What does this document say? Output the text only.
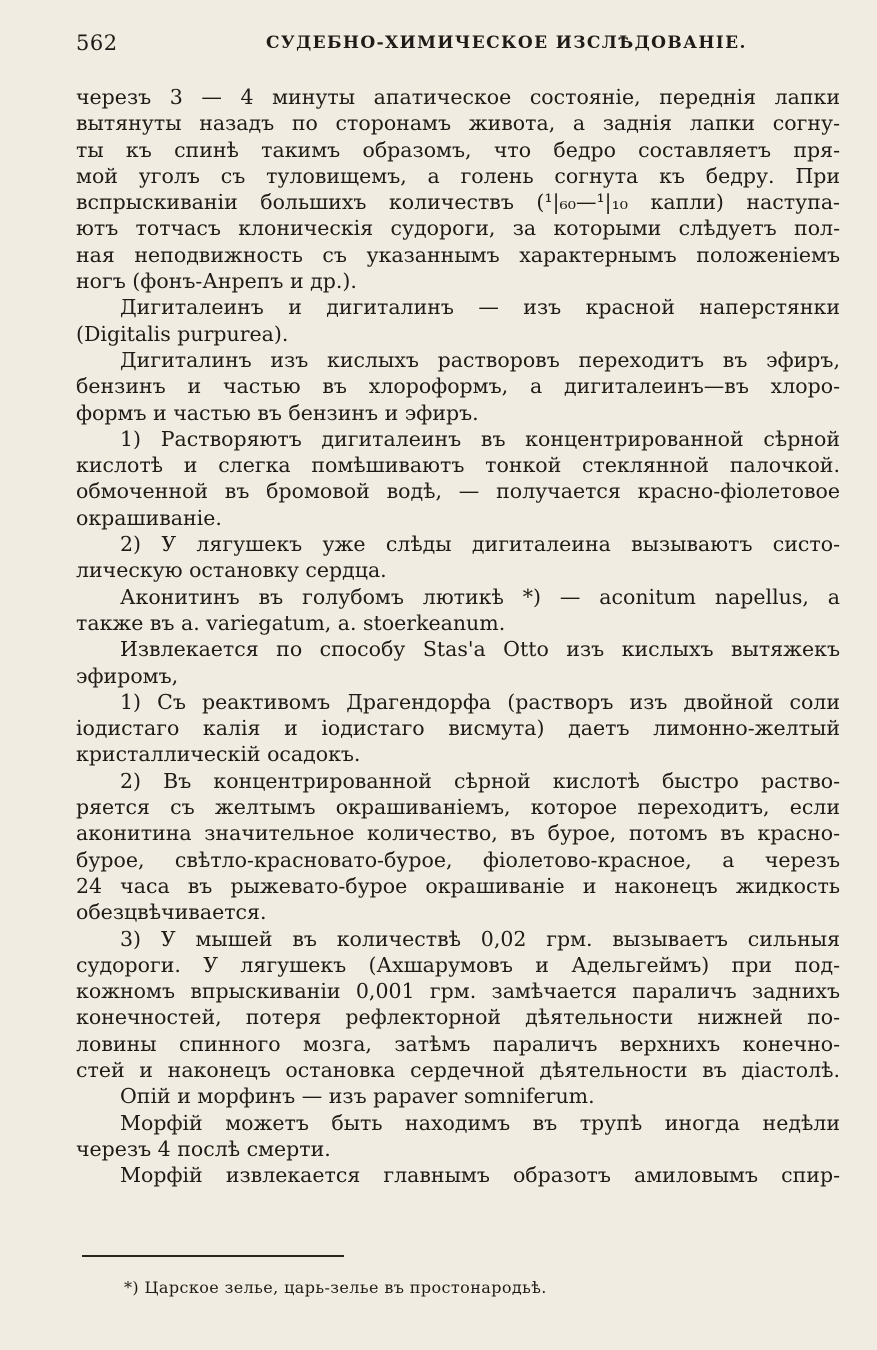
562	СУДЕБНО-ХИМИЧЕСКОЕ ИЗСЛѢДОВАНІЕ.
черезъ 3 — 4 минуты апатическое состояніе, переднія лапки
вытянуты назадъ по сторонамъ живота, а заднія лапки согну-
ты къ спинѣ такимъ образомъ, что бедро составляетъ пря-
мой уголъ съ туловищемъ, а голень согнута къ бедру. При
вспрыскиваніи большихъ количествъ (¹|₆₀—¹|₁₀ капли) наступа-
ютъ тотчасъ клоническія судороги, за которыми слѣдуетъ пол-
ная неподвижность съ указаннымъ характернымъ положеніемъ
ногъ (фонъ-Анрепъ и др.).
Дигиталеинъ и дигиталинъ — изъ красной наперстянки
(Digitalis purpurea).
Дигиталинъ изъ кислыхъ растворовъ переходитъ въ эфиръ,
бензинъ и частью въ хлороформъ, а дигиталеинъ—въ хлоро-
формъ и частью въ бензинъ и эфиръ.
1) Растворяютъ дигиталеинъ въ концентрированной сѣрной
кислотѣ и слегка помѣшиваютъ тонкой стеклянной палочкой.
обмоченной въ бромовой водѣ, — получается красно-фіолетовое
окрашиваніе.
2) У лягушекъ уже слѣды дигиталеина вызываютъ систо-
лическую остановку сердца.
Аконитинъ въ голубомъ лютикѣ *) — aconitum napellus, а
также въ a. variegatum, a. stoerkeanum.
Извлекается по способу Stas'a Otto изъ кислыхъ вытяжекъ
эфиромъ,
1) Съ реактивомъ Драгендорфа (растворъ изъ двойной соли
іодистаго калія и іодистаго висмута) даетъ лимонно-желтый
кристаллическій осадокъ.
2) Въ концентрированной сѣрной кислотѣ быстро раство-
ряется съ желтымъ окрашиваніемъ, которое переходитъ, если
аконитина значительное количество, въ бурое, потомъ въ красно-
бурое, свѣтло-красновато-бурое, фіолетово-красное, а черезъ
24 часа въ рыжевато-бурое окрашиваніе и наконецъ жидкость
обезцвѣчивается.
3) У мышей въ количествѣ 0,02 грм. вызываетъ сильныя
судороги. У лягушекъ (Ахшарумовъ и Адельгеймъ) при под-
кожномъ впрыскиваніи 0,001 грм. замѣчается параличъ заднихъ
конечностей, потеря рефлекторной дѣятельности нижней по-
ловины спинного мозга, затѣмъ параличъ верхнихъ конечно-
стей и наконецъ остановка сердечной дѣятельности въ діастолѣ.
Опій и морфинъ — изъ papaver somniferum.
Морфій можетъ быть находимъ въ трупѣ иногда недѣли
черезъ 4 послѣ смерти.
Морфій извлекается главнымъ образотъ амиловымъ спир-
*) Царское зелье, царь-зелье въ простонародьѣ.
